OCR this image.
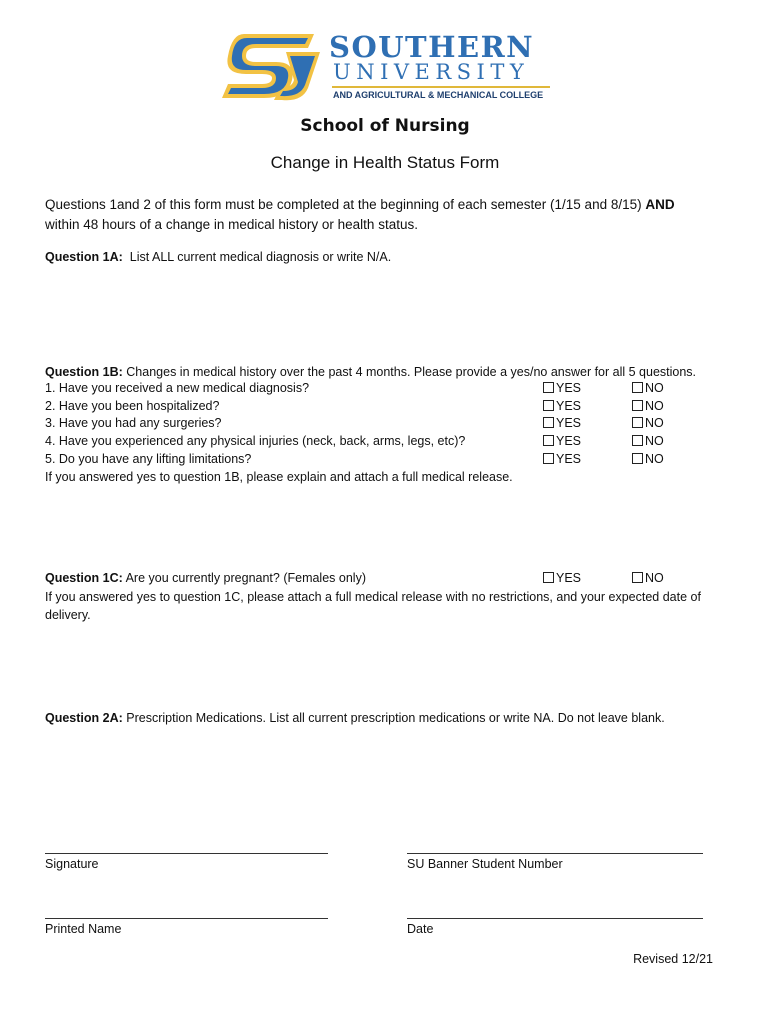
SOUTHERN
UNIVERSITY
AND AGRICULTURAL & MECHANICAL COLLEGE
School of Nursing
Change in Health Status Form
Questions 1and 2 of this form must be completed at the beginning of each semester (1/15 and 8/15) AND
within 48 hours of a change in medical history or health status.
Question 1A: List ALL current medical diagnosis or write N/A.
Question 1B: Changes in medical history over the past 4 months. Please provide a yes/no answer for all 5 questions.
1. Have you received a new medical diagnosis?	YES	NO
2. Have you been hospitalized?	YES	NO
3. Have you had any surgeries?	YES	NO
4. Have you experienced any physical injuries (neck, back, arms, legs, etc)?	YES	NO
5. Do you have any lifting limitations?	YES	NO
If you answered yes to question 1B, please explain and attach a full medical release.
Question 1C: Are you currently pregnant? (Females only)	YES	NO
If you answered yes to question 1C, please attach a full medical release with no restrictions, and your expected date of delivery.
Question 2A: Prescription Medications. List all current prescription medications or write NA. Do not leave blank.
Signature	SU Banner Student Number
Printed Name	Date
Revised 12/21
